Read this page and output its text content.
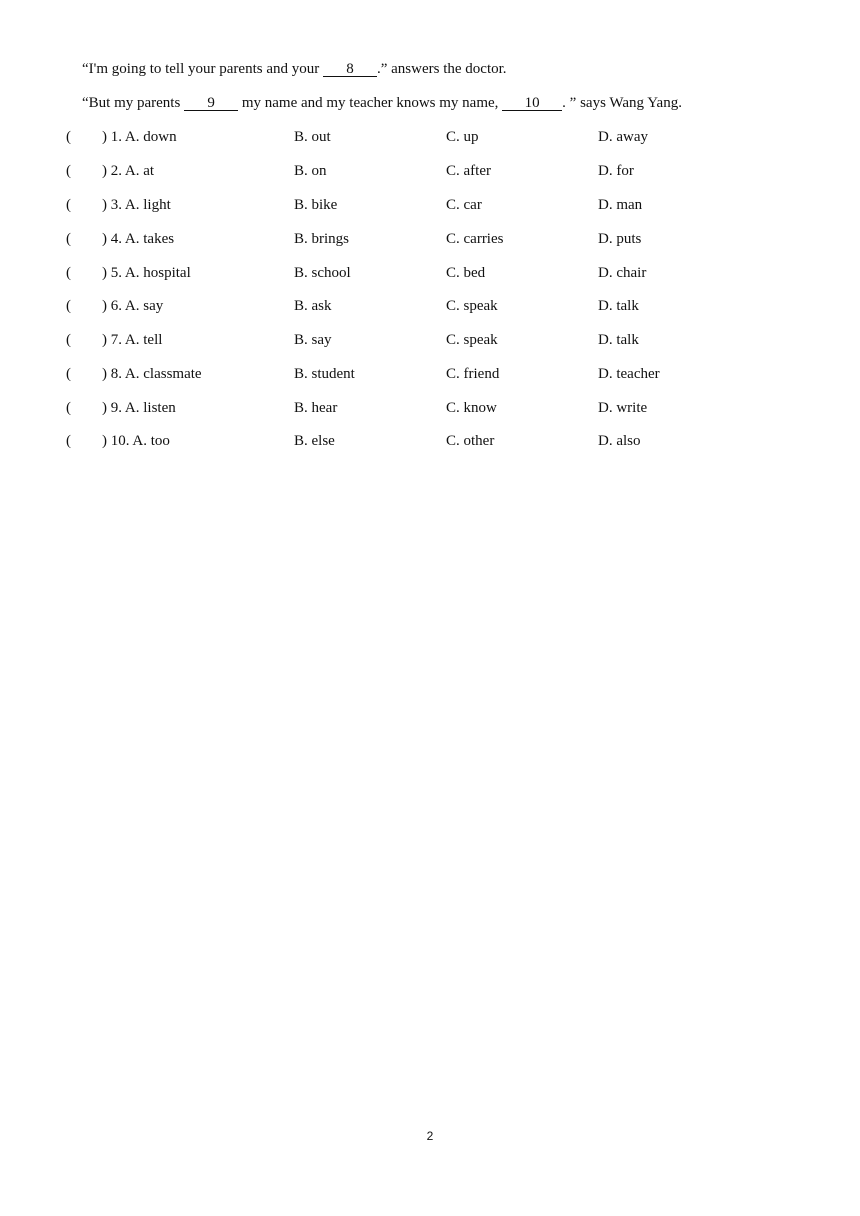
“I'm going to tell your parents and your 8 .” answers the doctor.
“But my parents 9 my name and my teacher knows my name, 10 . ” says Wang Yang.
( ) 1. A. down	B. out	C. up	D. away
( ) 2. A. at	B. on	C. after	D. for
( ) 3. A. light	B. bike	C. car	D. man
( ) 4. A. takes	B. brings	C. carries	D. puts
( ) 5. A. hospital	B. school	C. bed	D. chair
( ) 6. A. say	B. ask	C. speak	D. talk
( ) 7. A. tell	B. say	C. speak	D. talk
( ) 8. A. classmate	B. student	C. friend	D. teacher
( ) 9. A. listen	B. hear	C. know	D. write
( ) 10. A. too	B. else	C. other	D. also
2
